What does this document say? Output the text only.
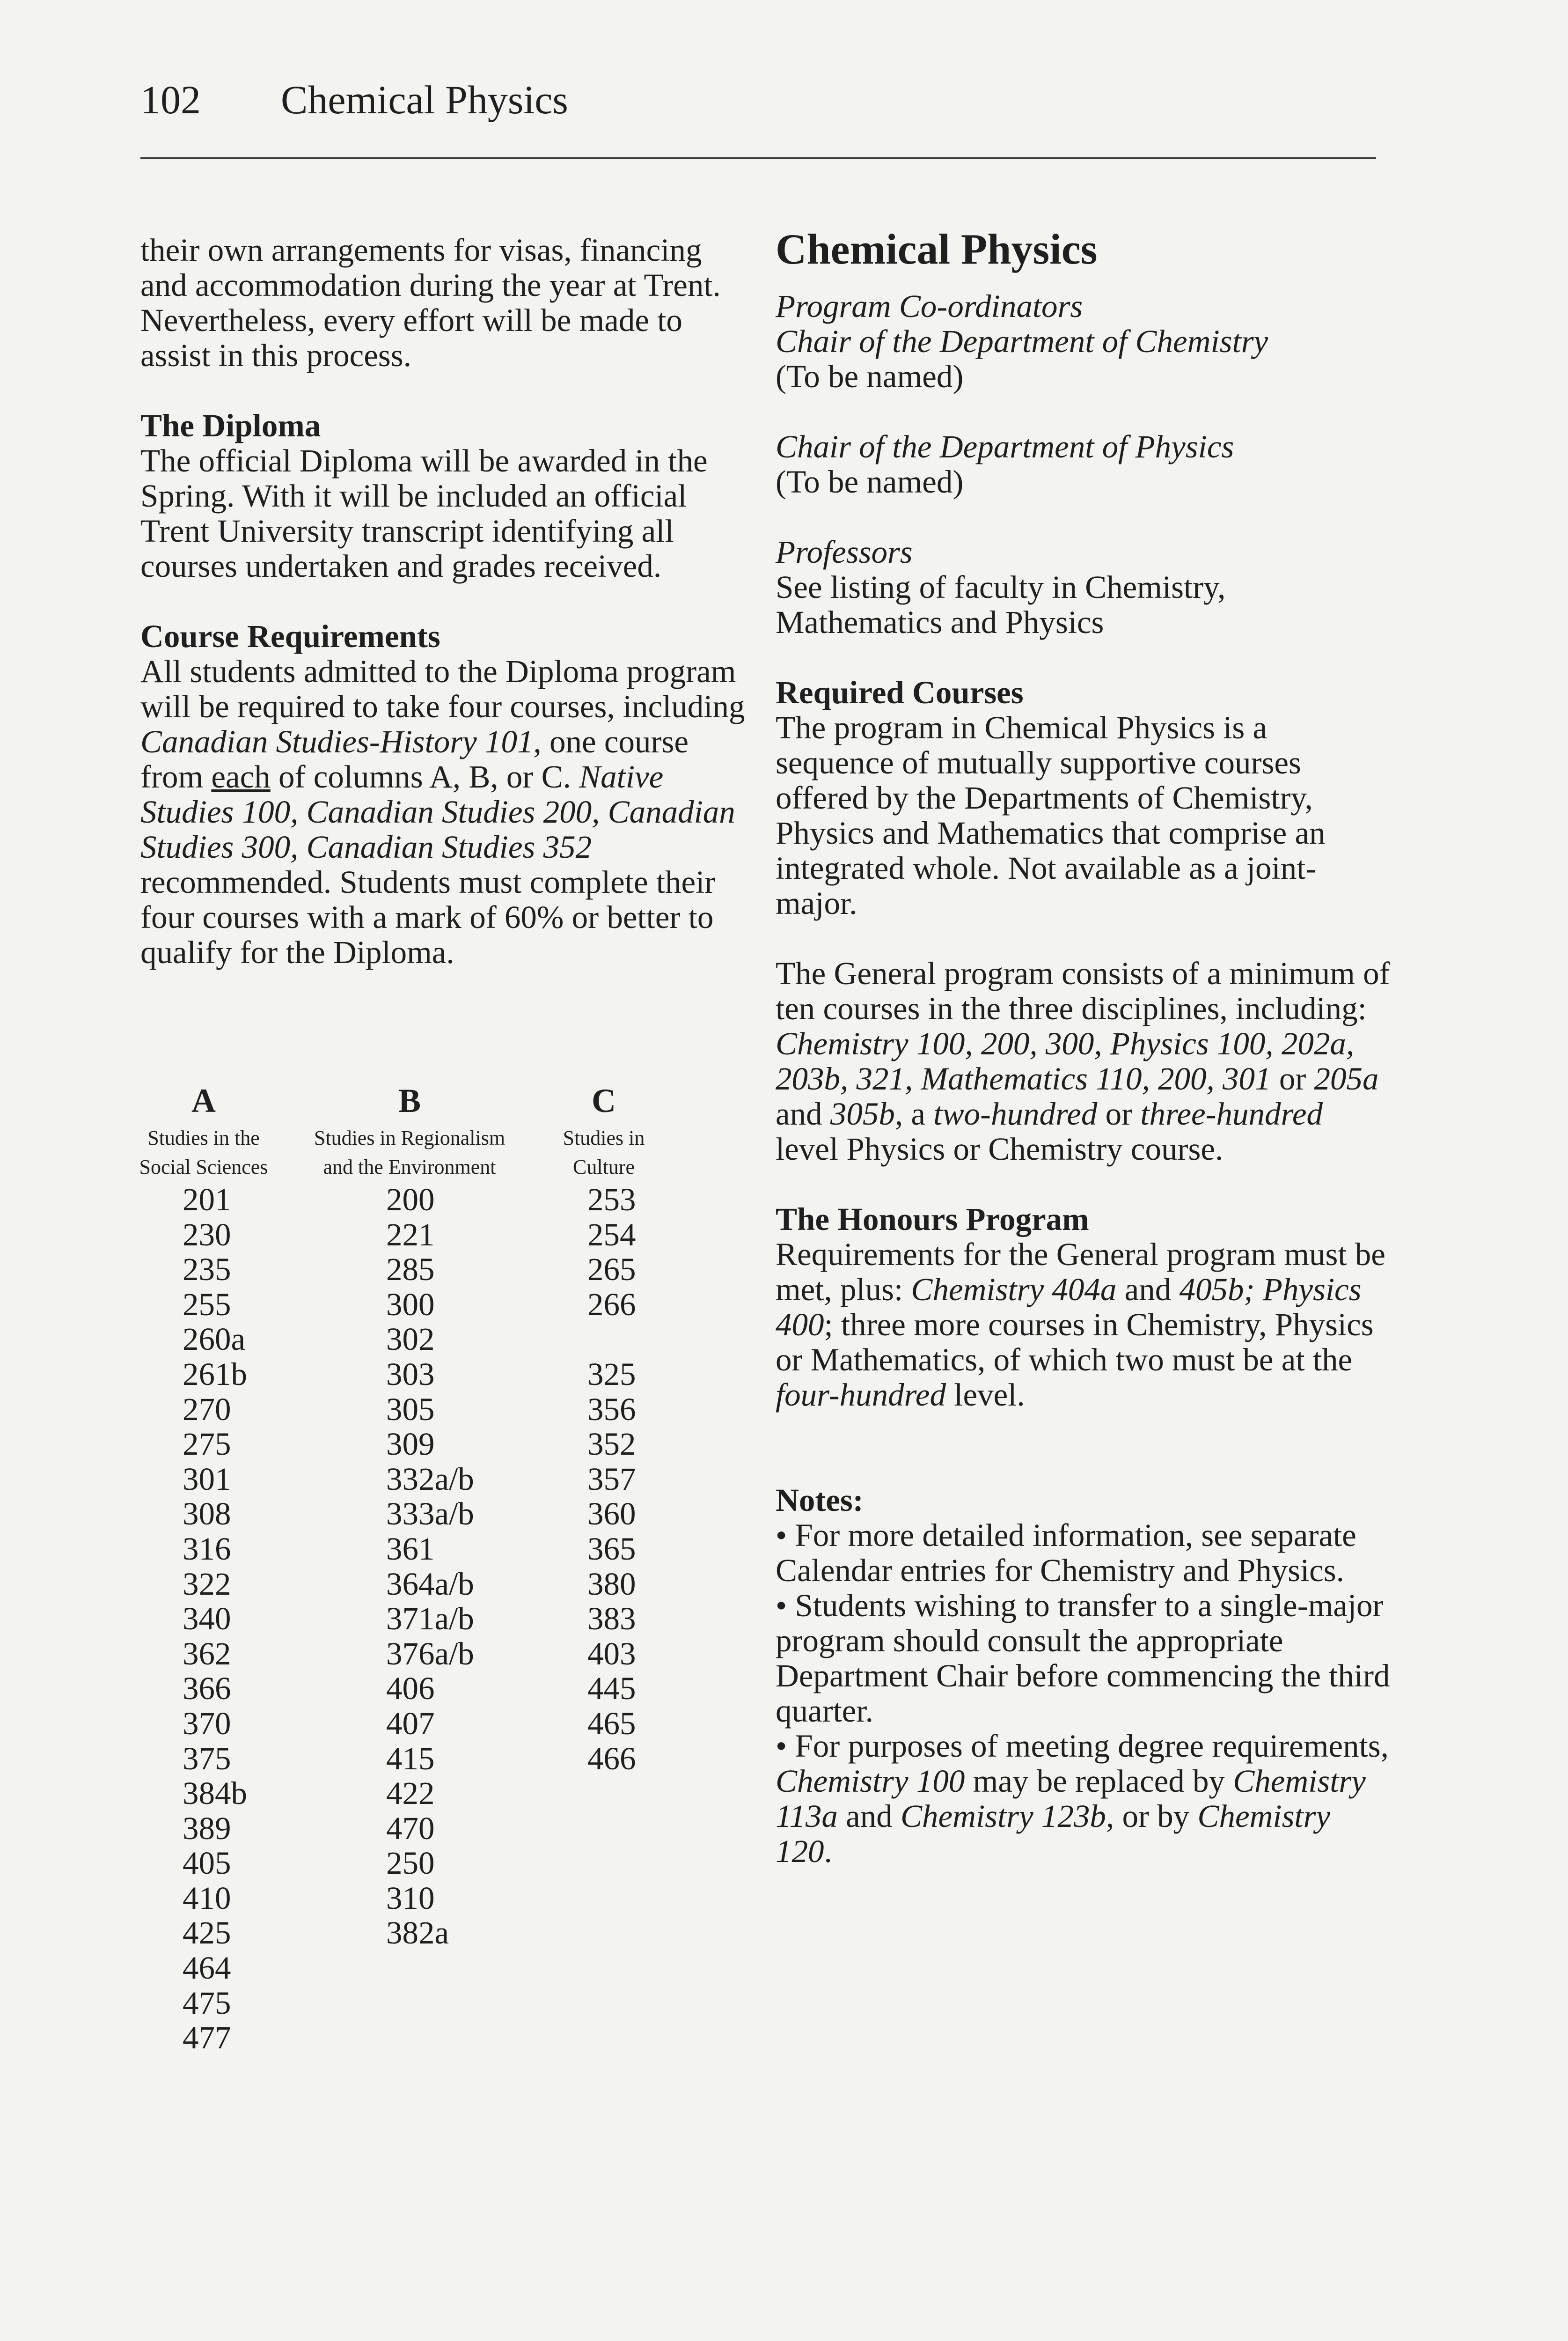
102 Chemical Physics

their own arrangements for visas, financing and accommodation during the year at Trent. Nevertheless, every effort will be made to assist in this process.

The Diploma

The official Diploma will be awarded in the Spring. With it will be included an official Trent University transcript identifying all courses undertaken and grades received.

Course Requirements

All students admitted to the Diploma program will be required to take four courses, including Canadian Studies-History 101, one course from each of columns A, B, or C. Native Studies 100, Canadian Studies 200, Canadian Studies 300, Canadian Studies 352 recommended. Students must complete their four courses with a mark of 60% or better to qualify for the Diploma.

A	B	C
Studies in the
Social Sciences
Studies in Regionalism
and the Environment
Studies in
Culture
201
230
235
255
260a
261b
270
275
301
308
316
322
340
362
366
370
375
384b
389
405
410
425
464
475
477
200
221
285
300
302
303
305
309
332a/b
333a/b
361
364a/b
371a/b
376a/b
406
407
415
422
470
250
310
382a
253
254
265
266
325
356
352
357
360
365
380
383
403
445
465
466

Chemical Physics

Program Co-ordinators

Chair of the Department of Chemistry

(To be named)

Chair of the Department of Physics

(To be named)

Professors

See listing of faculty in Chemistry, Mathematics and Physics

Required Courses

The program in Chemical Physics is a sequence of mutually supportive courses offered by the Departments of Chemistry, Physics and Mathematics that comprise an integrated whole. Not available as a joint-major.

The General program consists of a minimum of ten courses in the three disciplines, including: Chemistry 100, 200, 300, Physics 100, 202a, 203b, 321, Mathematics 110, 200, 301 or 205a and 305b, a two-hundred or three-hundred level Physics or Chemistry course.

The Honours Program

Requirements for the General program must be met, plus: Chemistry 404a and 405b; Physics 400; three more courses in Chemistry, Physics or Mathematics, of which two must be at the four-hundred level.

Notes:

• For more detailed information, see separate Calendar entries for Chemistry and Physics.

• Students wishing to transfer to a single-major program should consult the appropriate Department Chair before commencing the third quarter.

• For purposes of meeting degree requirements, Chemistry 100 may be replaced by Chemistry 113a and Chemistry 123b, or by Chemistry 120.
